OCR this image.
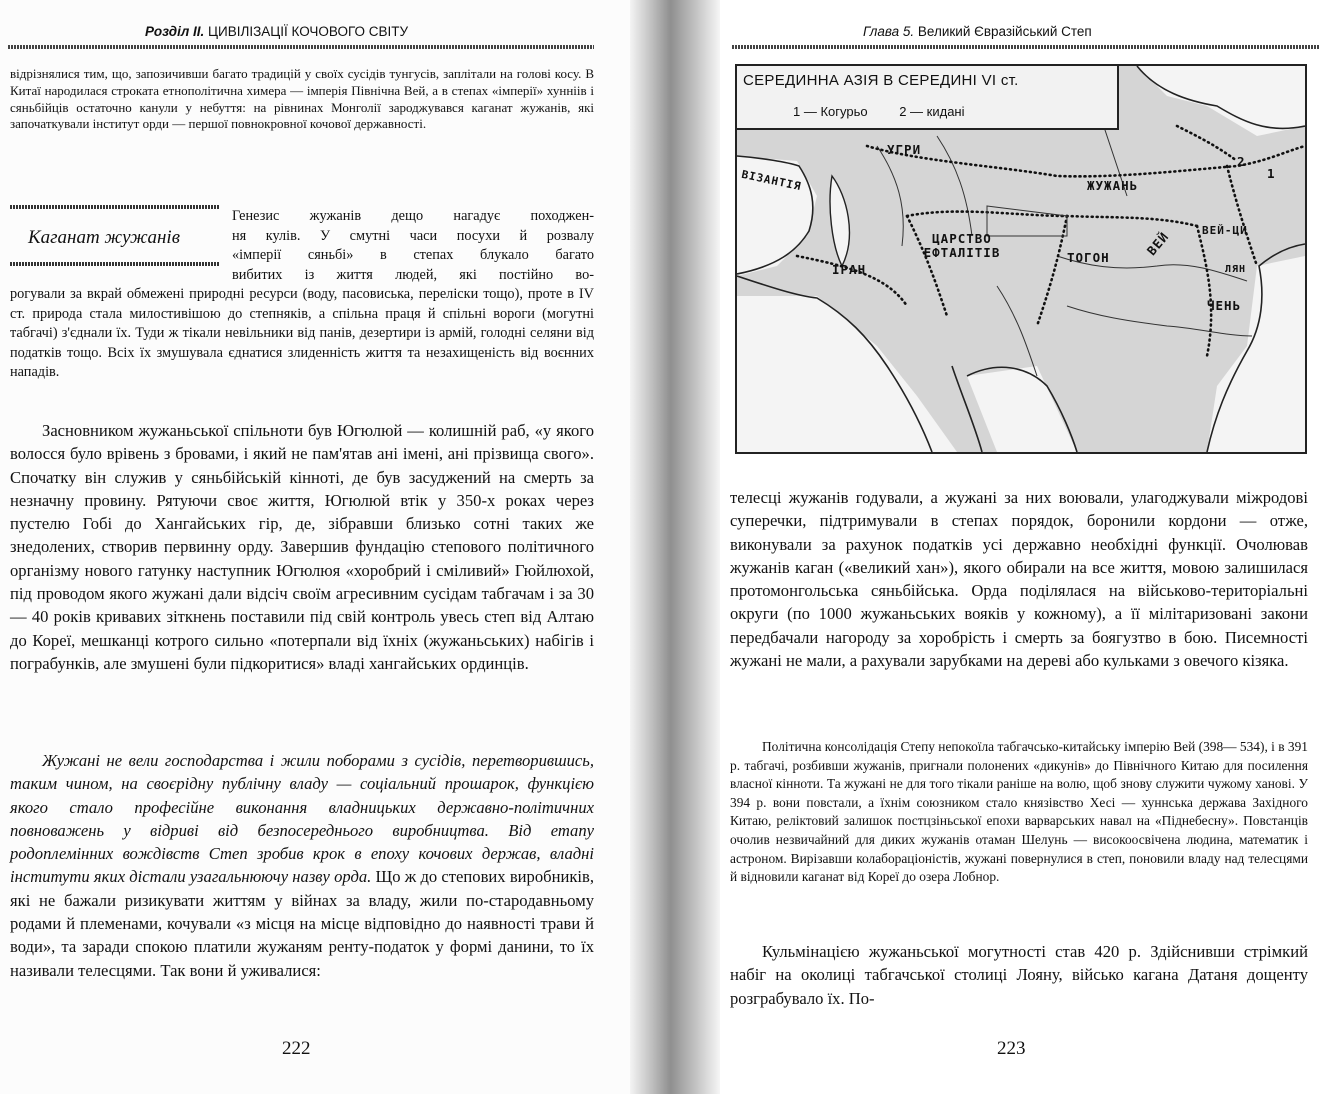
Розділ II. ЦИВІЛІЗАЦІЇ КОЧОВОГО СВІТУ

відрізнялися тим, що, запозичивши багато традицій у своїх сусідів тунгусів, заплітали на голові косу. В Китаї народилася строката етнополітична химера — імперія Північна Вей, а в степах «імперії» хунніів і сяньбійців остаточно канули у небуття: на рівнинах Монголії зароджувався каганат жужанів, які започаткували інститут орди — першої повнокровної кочової державності.

Каганат жужанів
Генезис жужанів дещо нагадує походжен-
ня кулів. У смутні часи посухи й розвалу
«імперії сяньбі» в степах блукало багато
вибитих із життя людей, які постійно во-

рогували за вкрай обмежені природні ресурси (воду, пасовиська, переліски тощо), проте в IV ст. природа стала милостивішою до степняків, а спільна праця й спільні вороги (могутні табгачі) з'єднали їх. Туди ж тікали невільники від панів, дезертири із армій, голодні селяни від податків тощо. Всіх їх змушувала єднатися злиденність життя та незахищеність від воєнних нападів.

Засновником жужаньської спільноти був Югюлюй — колишній раб, «у якого волосся було врівень з бровами, і який не пам'ятав ані імені, ані прізвища свого». Спочатку він служив у сяньбійській кінноті, де був засуджений на смерть за незначну провину. Рятуючи своє життя, Югюлюй втік у 350-х роках через пустелю Гобі до Хангайських гір, де, зібравши близько сотні таких же знедолених, створив первинну орду. Завершив фундацію степового політичного організму нового гатунку наступник Югюлюя «хоробрий і сміливий» Гюйлюхой, під проводом якого жужані дали відсіч своїм агресивним сусідам табгачам і за 30— 40 років кривавих зіткнень поставили під свій контроль увесь степ від Алтаю до Кореї, мешканці котрого сильно «потерпали від їхніх (жужаньських) набігів і пограбунків, але змушені були підкоритися» владі хангайських ординців.

Жужані не вели господарства і жили поборами з сусідів, перетворившись, таким чином, на своєрідну публічну владу — соціальний прошарок, функцією якого стало професійне виконання владницьких державно-політичних повноважень у відриві від безпосереднього виробництва. Від етапу родоплемінних вождівств Степ зробив крок в епоху кочових держав, владні інститути яких дістали узагальнюючу назву орда. Що ж до степових виробників, які не бажали ризикувати життям у війнах за владу, жили по-стародавньому родами й племенами, кочували «з місця на місце відповідно до наявності трави й води», та заради спокою платили жужаням ренту-податок у формі данини, то їх називали телесцями. Так вони й уживалися:

222
Глава 5. Великий Євразійський Степ

телесці жужанів годували, а жужані за них воювали, улагоджували міжродові суперечки, підтримували в степах порядок, боронили кордони — отже, виконували за рахунок податків усі державно необхідні функції. Очолював жужанів каган («великий хан»), якого обирали на все життя, мовою залишилася протомонгольська сяньбійська. Орда поділялася на військово-територіальні округи (по 1000 жужаньських вояків у кожному), а її мілітаризовані закони передбачали нагороду за хоробрість і смерть за боягузтво в бою. Писемності жужані не мали, а рахували зарубками на дереві або кульками з овечого кізяка.

Політична консолідація Степу непокоїла табгачсько-китайську імперію Вей (398— 534), і в 391 р. табгачі, розбивши жужанів, пригнали полонених «дикунів» до Північного Китаю для посилення власної кінноти. Та жужані не для того тікали раніше на волю, щоб знову служити чужому ханові. У 394 р. вони повстали, а їхнім союзником стало князівство Хесі — хуннська держава Західного Китаю, реліктовий залишок постцзіньської епохи варварських навал на «Піднебесну». Повстанців очолив незвичайний для диких жужанів отаман Шелунь — високоосвічена людина, математик і астроном. Вирізавши колабораціоністів, жужані повернулися в степ, поновили владу над телесцями й відновили каганат від Кореї до озера Лобнор.

Кульмінацією жужаньської могутності став 420 р. Здійснивши стрімкий набіг на околиці табгачської столиці Лояну, військо кагана Датаня дощенту розграбувало їх. По-

223
СЕРЕДИННА АЗІЯ В СЕРЕДИНІ VI ст.
1 — Когурьо 2 — кидані
УГРИ
ВІЗАНТІЯ	ЖУЖАНЬ
ЦАРСТВО ЕФТАЛІТІВ
ІРАН
ТОГОН	ВЕЙ	ВЕЙ-ЦИ
ЛЯН
ЧЕНЬ
1
2
